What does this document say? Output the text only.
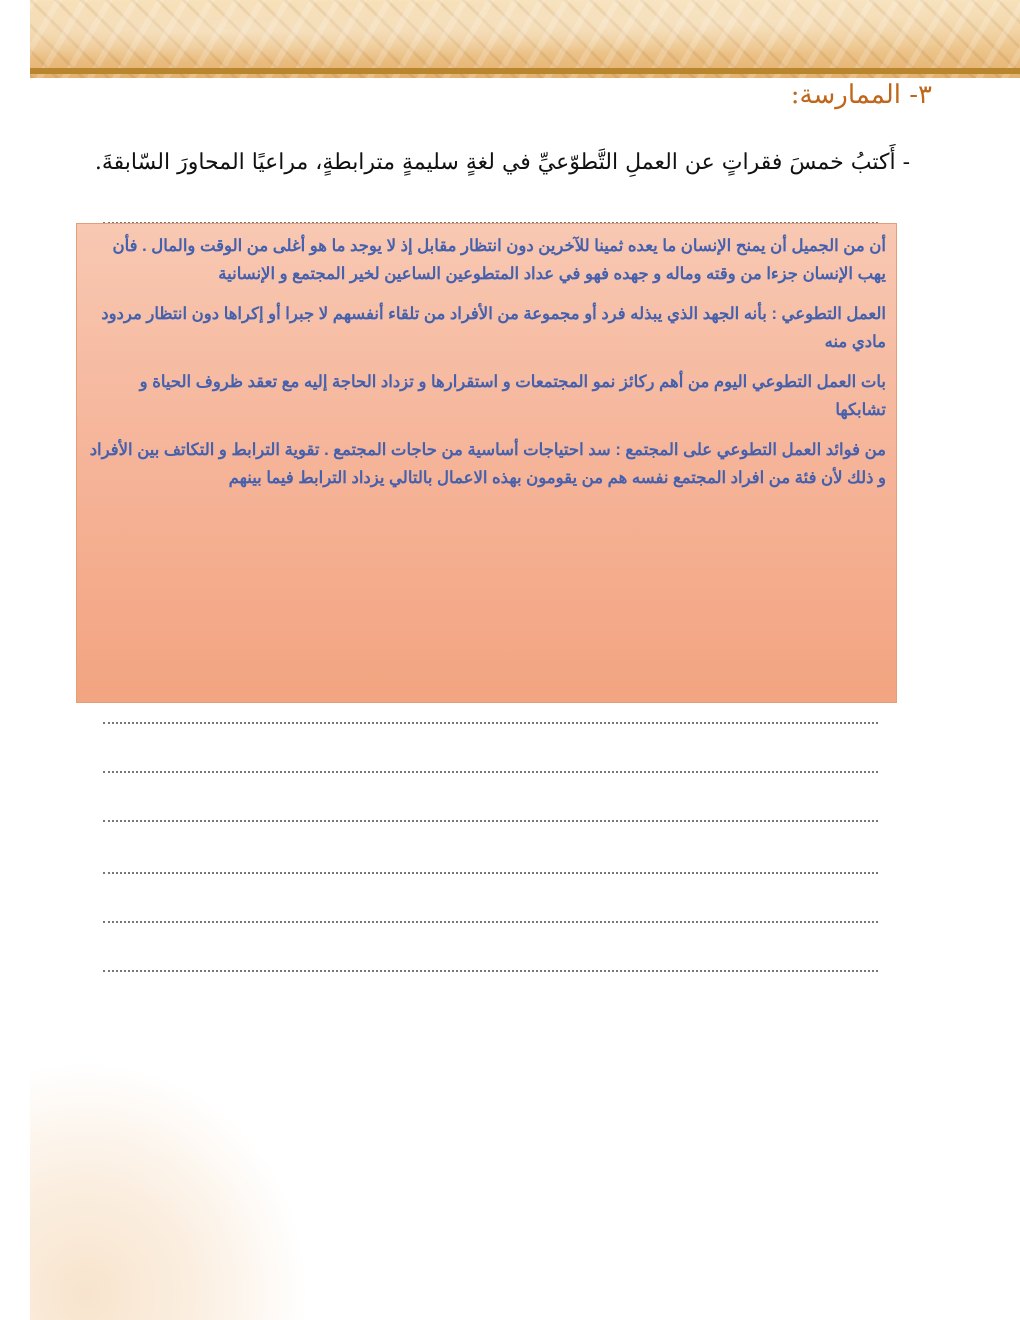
٣- الممارسة:
- أَكتبُ خمسَ فقراتٍ عن العملِ التَّطوّعيِّ في لغةٍ سليمةٍ مترابطةٍ، مراعيًا المحاورَ السّابقةَ.

أن من الجميل أن يمنح الإنسان ما يعده ثمينا للآخرين دون انتظار مقابل إذ لا يوجد ما هو أغلى من الوقت والمال . فأن يهب الإنسان جزءا من وقته وماله و جهده فهو في عداد المتطوعين الساعين لخير المجتمع و الإنسانية

العمل التطوعي : بأنه الجهد الذي يبذله فرد أو مجموعة من الأفراد من تلقاء أنفسهم لا جبرا أو إكراها دون انتظار مردود مادي منه

بات العمل التطوعي اليوم من أهم ركائز نمو المجتمعات و استقرارها و تزداد الحاجة إليه مع تعقد ظروف الحياة و تشابكها

من فوائد العمل التطوعي على المجتمع : سد احتياجات أساسية من حاجات المجتمع . تقوية الترابط و التكاتف بين الأفراد و ذلك لأن فئة من افراد المجتمع نفسه هم من يقومون بهذه الاعمال بالتالي يزداد الترابط فيما بينهم
